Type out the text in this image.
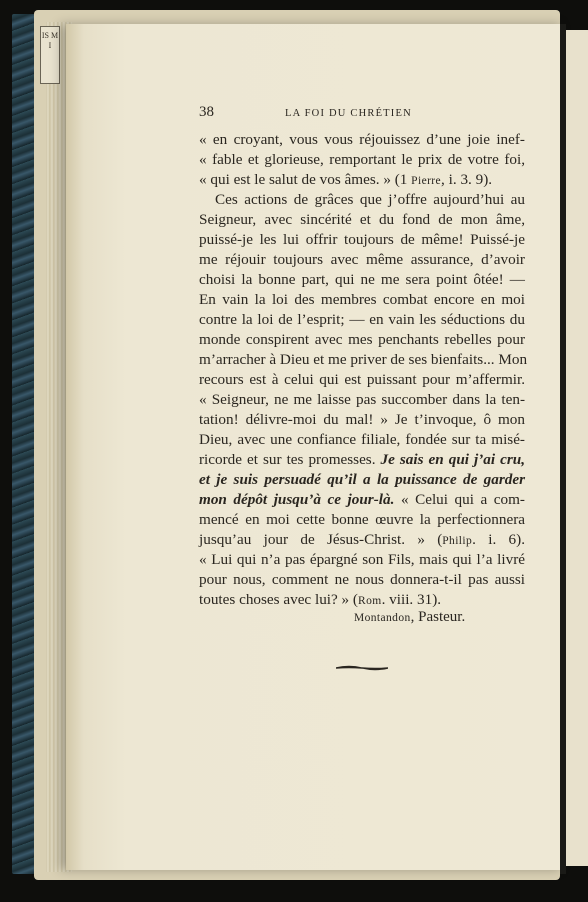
IS M I
38	LA FOI DU CHRÉTIEN
« en croyant, vous vous réjouissez d’une joie inef-
« fable et glorieuse, remportant le prix de votre foi,
« qui est le salut de vos âmes. » (1 Pierre, i. 3. 9).
Ces actions de grâces que j’offre aujourd’hui au
Seigneur, avec sincérité et du fond de mon âme,
puissé-je les lui offrir toujours de même! Puissé-je
me réjouir toujours avec même assurance, d’avoir
choisi la bonne part, qui ne me sera point ôtée! —
En vain la loi des membres combat encore en moi
contre la loi de l’esprit; — en vain les séductions du
monde conspirent avec mes penchants rebelles pour
m’arracher à Dieu et me priver de ses bienfaits... Mon
recours est à celui qui est puissant pour m’affermir.
« Seigneur, ne me laisse pas succomber dans la ten-
tation! délivre-moi du mal! » Je t’invoque, ô mon
Dieu, avec une confiance filiale, fondée sur ta misé-
ricorde et sur tes promesses. Je sais en qui j’ai cru,
et je suis persuadé qu’il a la puissance de garder
mon dépôt jusqu’à ce jour-là. « Celui qui a com-
mencé en moi cette bonne œuvre la perfectionnera
jusqu’au jour de Jésus-Christ. » (Philip. i. 6).
« Lui qui n’a pas épargné son Fils, mais qui l’a livré
pour nous, comment ne nous donnera-t-il pas aussi
toutes choses avec lui? » (Rom. viii. 31).
Montandon, Pasteur.
